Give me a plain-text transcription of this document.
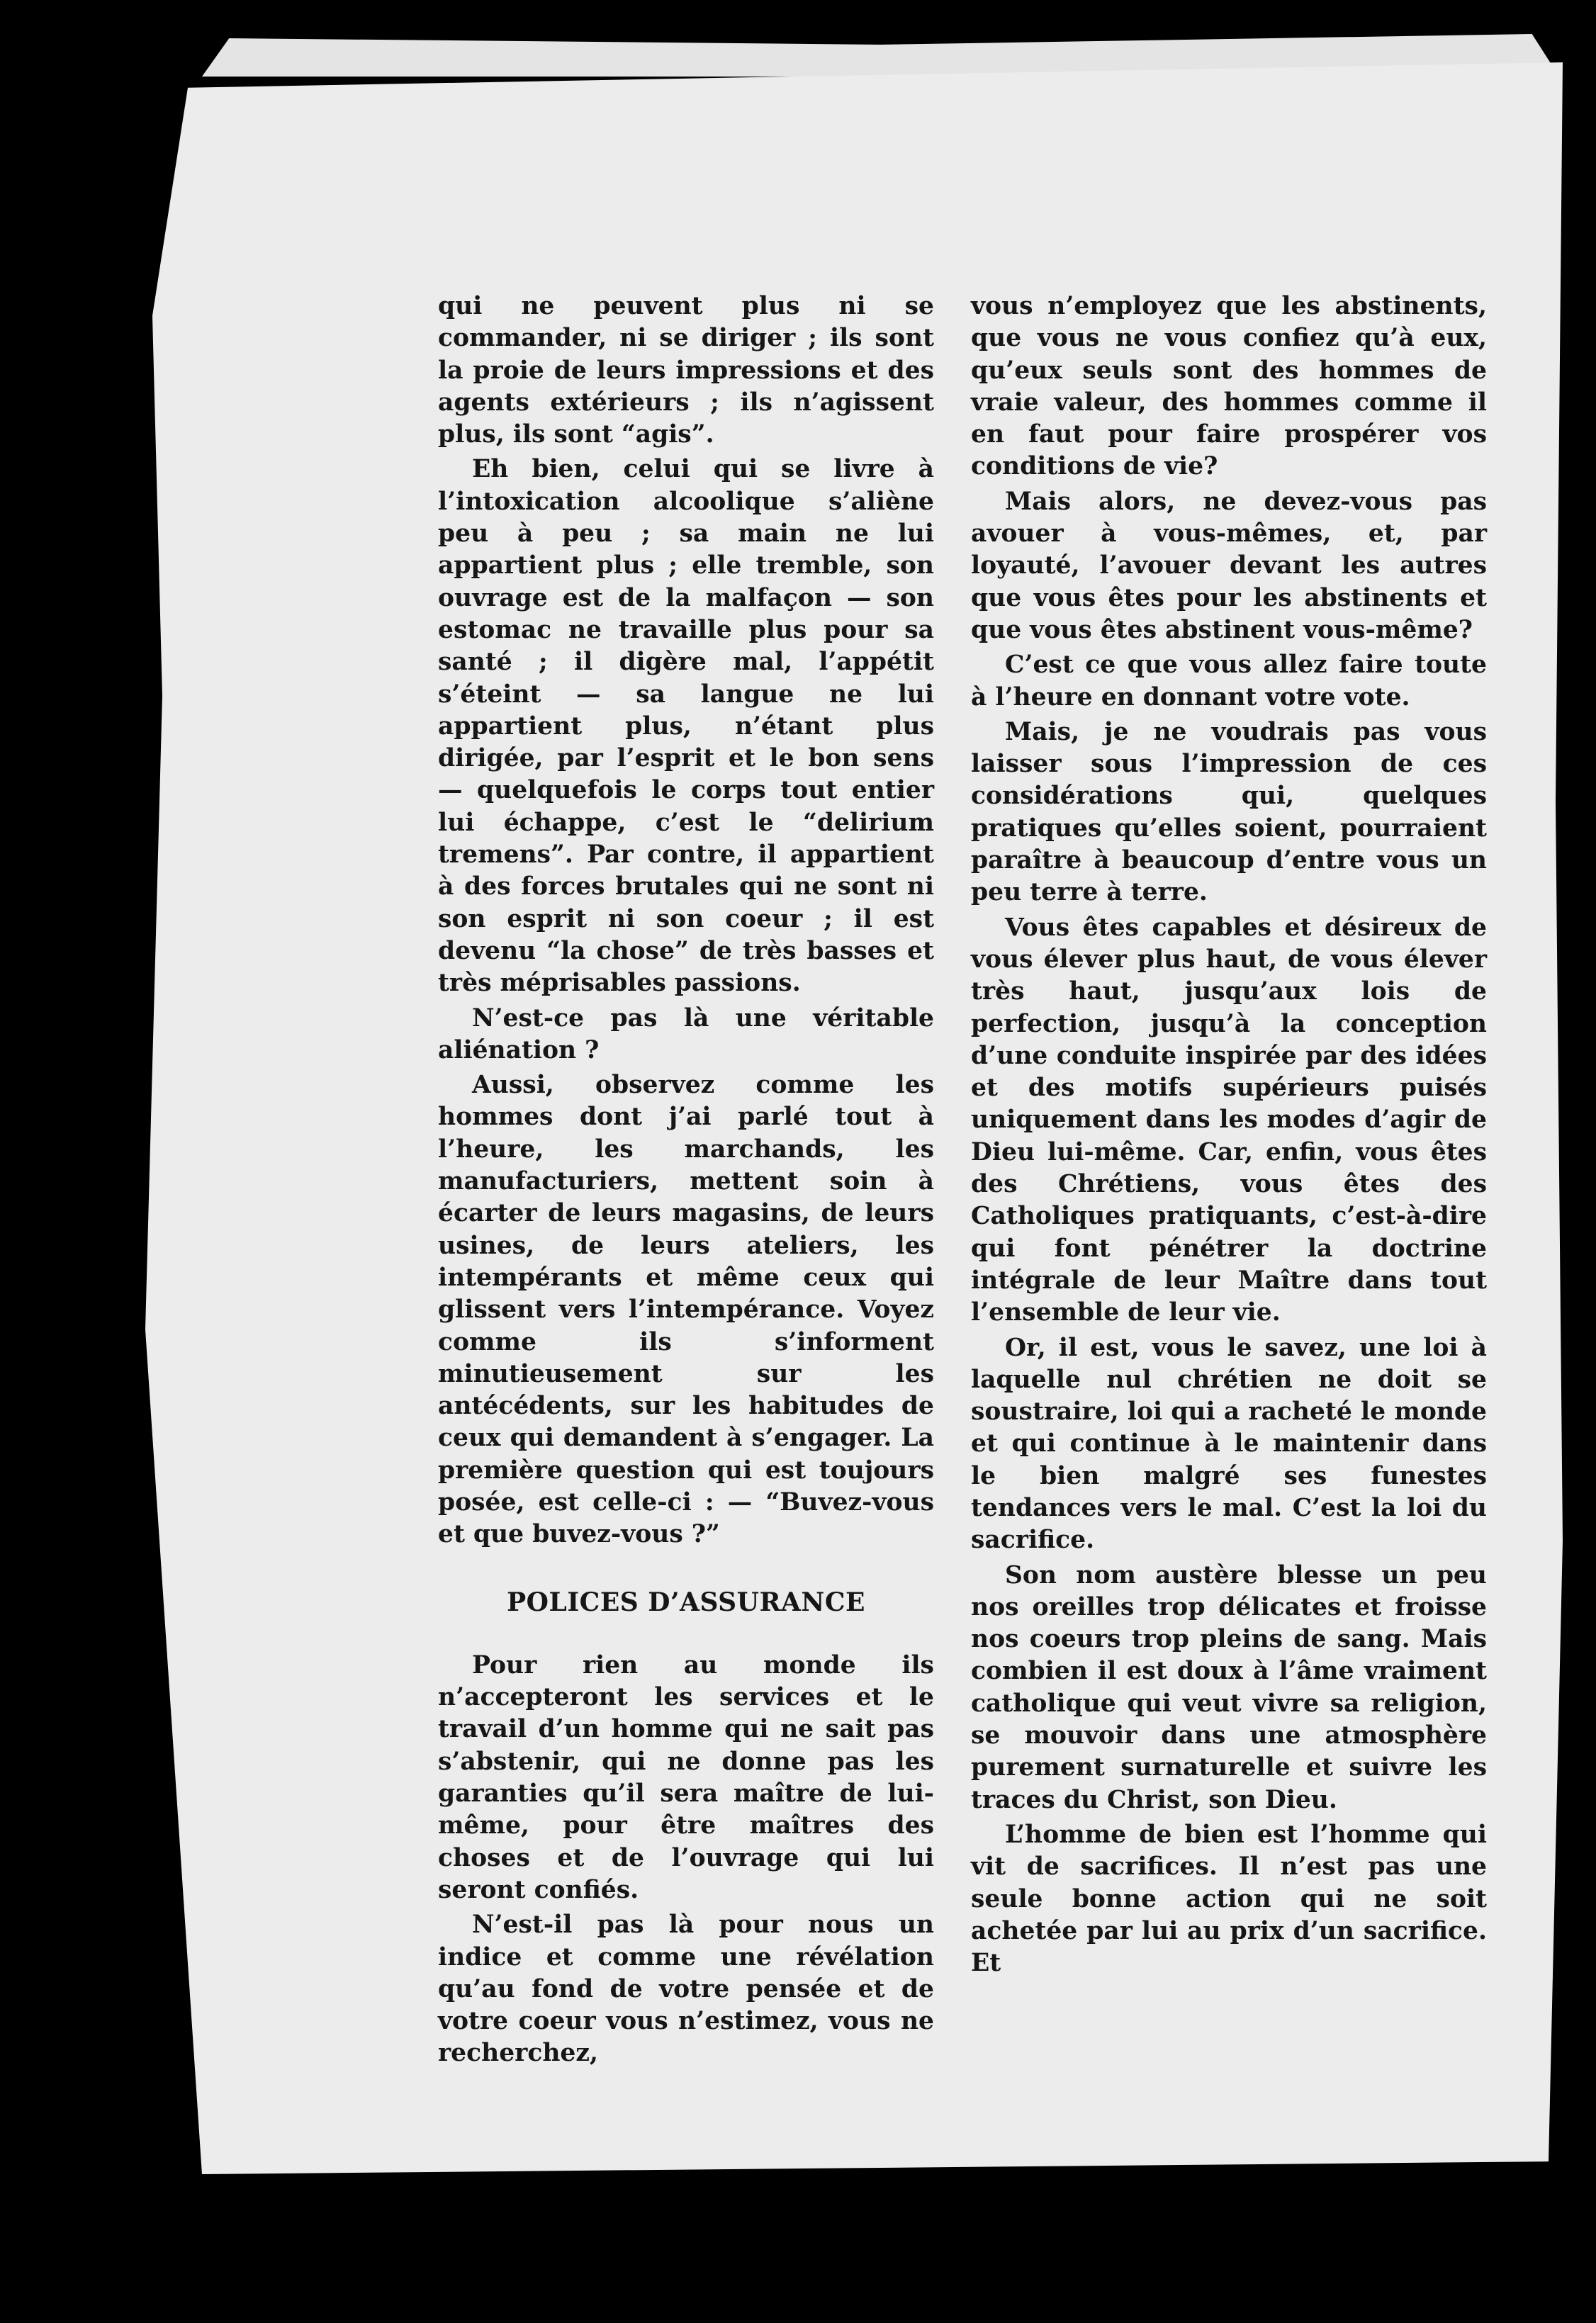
qui ne peuvent plus ni se commander, ni se diriger ; ils sont la proie de leurs impressions et des agents extérieurs ; ils n’agissent plus, ils sont “agis”.

Eh bien, celui qui se livre à l’intoxication alcoolique s’aliène peu à peu ; sa main ne lui appartient plus ; elle tremble, son ouvrage est de la malfaçon — son estomac ne travaille plus pour sa santé ; il digère mal, l’appétit s’éteint — sa langue ne lui appartient plus, n’étant plus dirigée, par l’esprit et le bon sens — quelquefois le corps tout entier lui échappe, c’est le “delirium tremens”. Par contre, il appartient à des forces brutales qui ne sont ni son esprit ni son coeur ; il est devenu “la chose” de très basses et très méprisables passions.

N’est-ce pas là une véritable aliénation ?

Aussi, observez comme les hommes dont j’ai parlé tout à l’heure, les marchands, les manufacturiers, mettent soin à écarter de leurs magasins, de leurs usines, de leurs ateliers, les intempérants et même ceux qui glissent vers l’intempérance. Voyez comme ils s’informent minutieusement sur les antécédents, sur les habitudes de ceux qui demandent à s’engager. La première question qui est toujours posée, est celle-ci : — “Buvez-vous et que buvez-vous ?”

POLICES D’ASSURANCE

Pour rien au monde ils n’accepteront les services et le travail d’un homme qui ne sait pas s’abstenir, qui ne donne pas les garanties qu’il sera maître de lui-même, pour être maîtres des choses et de l’ouvrage qui lui seront confiés.

N’est-il pas là pour nous un indice et comme une révélation qu’au fond de votre pensée et de votre coeur vous n’estimez, vous ne recherchez,

vous n’employez que les abstinents, que vous ne vous confiez qu’à eux, qu’eux seuls sont des hommes de vraie valeur, des hommes comme il en faut pour faire prospérer vos conditions de vie?

Mais alors, ne devez-vous pas avouer à vous-mêmes, et, par loyauté, l’avouer devant les autres que vous êtes pour les abstinents et que vous êtes abstinent vous-même?

C’est ce que vous allez faire toute à l’heure en donnant votre vote.

Mais, je ne voudrais pas vous laisser sous l’impression de ces considérations qui, quelques pratiques qu’elles soient, pourraient paraître à beaucoup d’entre vous un peu terre à terre.

Vous êtes capables et désireux de vous élever plus haut, de vous élever très haut, jusqu’aux lois de perfection, jusqu’à la conception d’une conduite inspirée par des idées et des motifs supérieurs puisés uniquement dans les modes d’agir de Dieu lui-même. Car, enfin, vous êtes des Chrétiens, vous êtes des Catholiques pratiquants, c’est-à-dire qui font pénétrer la doctrine intégrale de leur Maître dans tout l’ensemble de leur vie.

Or, il est, vous le savez, une loi à laquelle nul chrétien ne doit se soustraire, loi qui a racheté le monde et qui continue à le maintenir dans le bien malgré ses funestes tendances vers le mal. C’est la loi du sacrifice.

Son nom austère blesse un peu nos oreilles trop délicates et froisse nos coeurs trop pleins de sang. Mais combien il est doux à l’âme vraiment catholique qui veut vivre sa religion, se mouvoir dans une atmosphère purement surnaturelle et suivre les traces du Christ, son Dieu.

L’homme de bien est l’homme qui vit de sacrifices. Il n’est pas une seule bonne action qui ne soit achetée par lui au prix d’un sacrifice. Et
